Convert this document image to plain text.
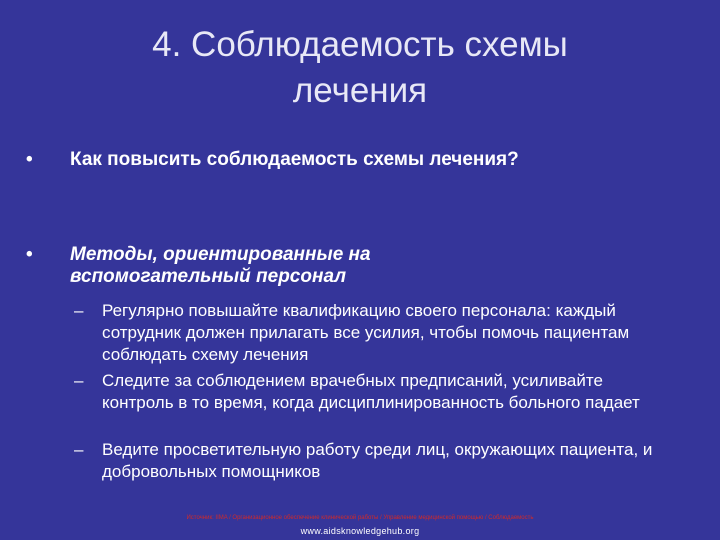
4. Соблюдаемость схемы
лечения
•	Как повысить соблюдаемость схемы лечения?
•	Методы, ориентированные на вспомогательный персонал
– Регулярно повышайте квалификацию своего персонала: каждый сотрудник должен прилагать все усилия, чтобы помочь пациентам соблюдать схему лечения
– Следите за соблюдением врачебных предписаний, усиливайте контроль в то время, когда дисциплинированность больного падает
– Ведите просветительную работу среди лиц, окружающих пациента, и добровольных помощников
Источник: IIMA / Организационное обеспечение клинической работы / Управление медицинской помощью / Соблюдаемость
www.aidsknowledgehub.org
